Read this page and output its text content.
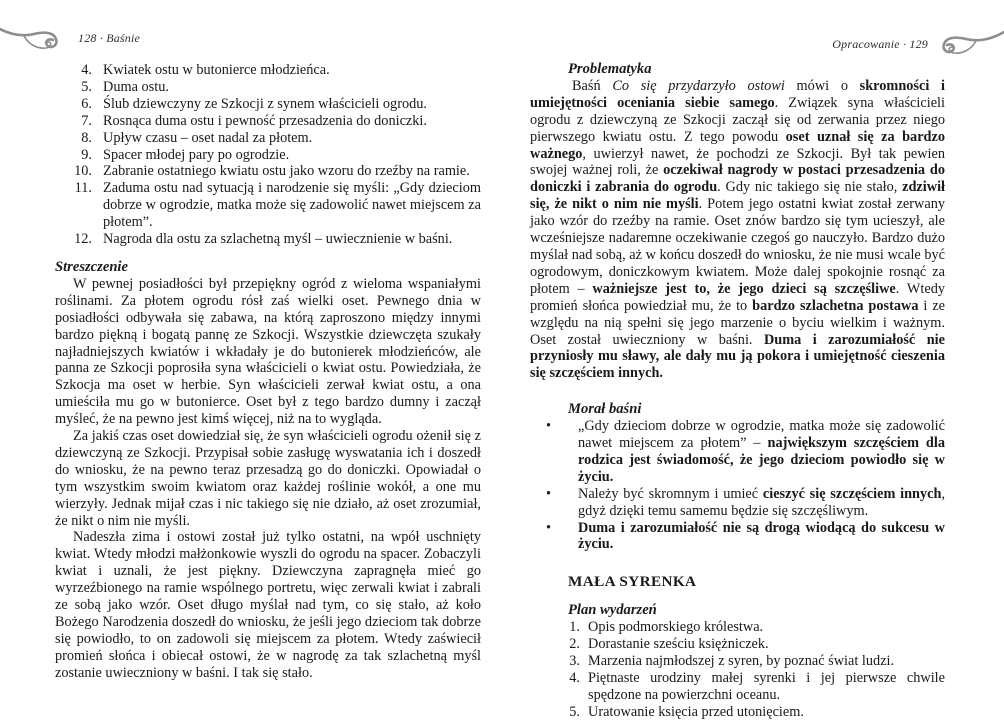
128 · Baśnie	Opracowanie · 129
4. Kwiatek ostu w butonierce młodzieńca.
5. Duma ostu.
6. Ślub dziewczyny ze Szkocji z synem właścicieli ogrodu.
7. Rosnąca duma ostu i pewność przesadzenia do doniczki.
8. Upływ czasu – oset nadal za płotem.
9. Spacer młodej pary po ogrodzie.
10. Zabranie ostatniego kwiatu ostu jako wzoru do rzeźby na ramie.
11. Zaduma ostu nad sytuacją i narodzenie się myśli: „Gdy dzieciom dobrze w ogrodzie, matka może się zadowolić nawet miejscem za płotem”.
12. Nagroda dla ostu za szlachetną myśl – uwiecznienie w baśni.
Streszczenie

W pewnej posiadłości był przepiękny ogród z wieloma wspaniałymi roślinami. Za płotem ogrodu rósł zaś wielki oset. Pewnego dnia w posiadłości odbywała się zabawa, na którą zaproszono między innymi bardzo piękną i bogatą pannę ze Szkocji. Wszystkie dziewczęta szukały najładniejszych kwiatów i wkładały je do butonierek młodzieńców, ale panna ze Szkocji poprosiła syna właścicieli o kwiat ostu. Powiedziała, że Szkocja ma oset w herbie. Syn właścicieli zerwał kwiat ostu, a ona umieściła mu go w butonierce. Oset był z tego bardzo dumny i zaczął myśleć, że na pewno jest kimś więcej, niż na to wygląda.

Za jakiś czas oset dowiedział się, że syn właścicieli ogrodu ożenił się z dziewczyną ze Szkocji. Przypisał sobie zasługę wyswatania ich i doszedł do wniosku, że na pewno teraz przesadzą go do doniczki. Opowiadał o tym wszystkim swoim kwiatom oraz każdej roślinie wokół, a one mu wierzyły. Jednak mijał czas i nic takiego się nie działo, aż oset zrozumiał, że nikt o nim nie myśli.

Nadeszła zima i ostowi został już tylko ostatni, na wpół uschnięty kwiat. Wtedy młodzi małżonkowie wyszli do ogrodu na spacer. Zobaczyli kwiat i uznali, że jest piękny. Dziewczyna zapragnęła mieć go wyrzeźbionego na ramie wspólnego portretu, więc zerwali kwiat i zabrali ze sobą jako wzór. Oset długo myślał nad tym, co się stało, aż koło Bożego Narodzenia doszedł do wniosku, że jeśli jego dzieciom tak dobrze się powiodło, to on zadowoli się miejscem za płotem. Wtedy zaświecił promień słońca i obiecał ostowi, że w nagrodę za tak szlachetną myśl zostanie uwieczniony w baśni. I tak się stało.

Problematyka

Baśń Co się przydarzyło ostowi mówi o skromności i umiejętności oceniania siebie samego. Związek syna właścicieli ogrodu z dziewczyną ze Szkocji zaczął się od zerwania przez niego pierwszego kwiatu ostu. Z tego powodu oset uznał się za bardzo ważnego, uwierzył nawet, że pochodzi ze Szkocji. Był tak pewien swojej ważnej roli, że oczekiwał nagrody w postaci przesadzenia do doniczki i zabrania do ogrodu. Gdy nic takiego się nie stało, zdziwił się, że nikt o nim nie myśli. Potem jego ostatni kwiat został zerwany jako wzór do rzeźby na ramie. Oset znów bardzo się tym ucieszył, ale wcześniejsze nadaremne oczekiwanie czegoś go nauczyło. Bardzo dużo myślał nad sobą, aż w końcu doszedł do wniosku, że nie musi wcale być ogrodowym, doniczkowym kwiatem. Może dalej spokojnie rosnąć za płotem – ważniejsze jest to, że jego dzieci są szczęśliwe. Wtedy promień słońca powiedział mu, że to bardzo szlachetna postawa i ze względu na nią spełni się jego marzenie o byciu wielkim i ważnym. Oset został uwieczniony w baśni. Duma i zarozumiałość nie przyniosły mu sławy, ale dały mu ją pokora i umiejętność cieszenia się szczęściem innych.

Morał baśni
•	„Gdy dzieciom dobrze w ogrodzie, matka może się zadowolić nawet miejscem za płotem” – największym szczęściem dla rodzica jest świadomość, że jego dzieciom powiodło się w życiu.
•	Należy być skromnym i umieć cieszyć się szczęściem innych, gdyż dzięki temu samemu będzie się szczęśliwym.
•	Duma i zarozumiałość nie są drogą wiodącą do sukcesu w życiu.
MAŁA SYRENKA
Plan wydarzeń
1. Opis podmorskiego królestwa.
2. Dorastanie sześciu księżniczek.
3. Marzenia najmłodszej z syren, by poznać świat ludzi.
4. Piętnaste urodziny małej syrenki i jej pierwsze chwile spędzone na powierzchni oceanu.
5. Uratowanie księcia przed utonięciem.
